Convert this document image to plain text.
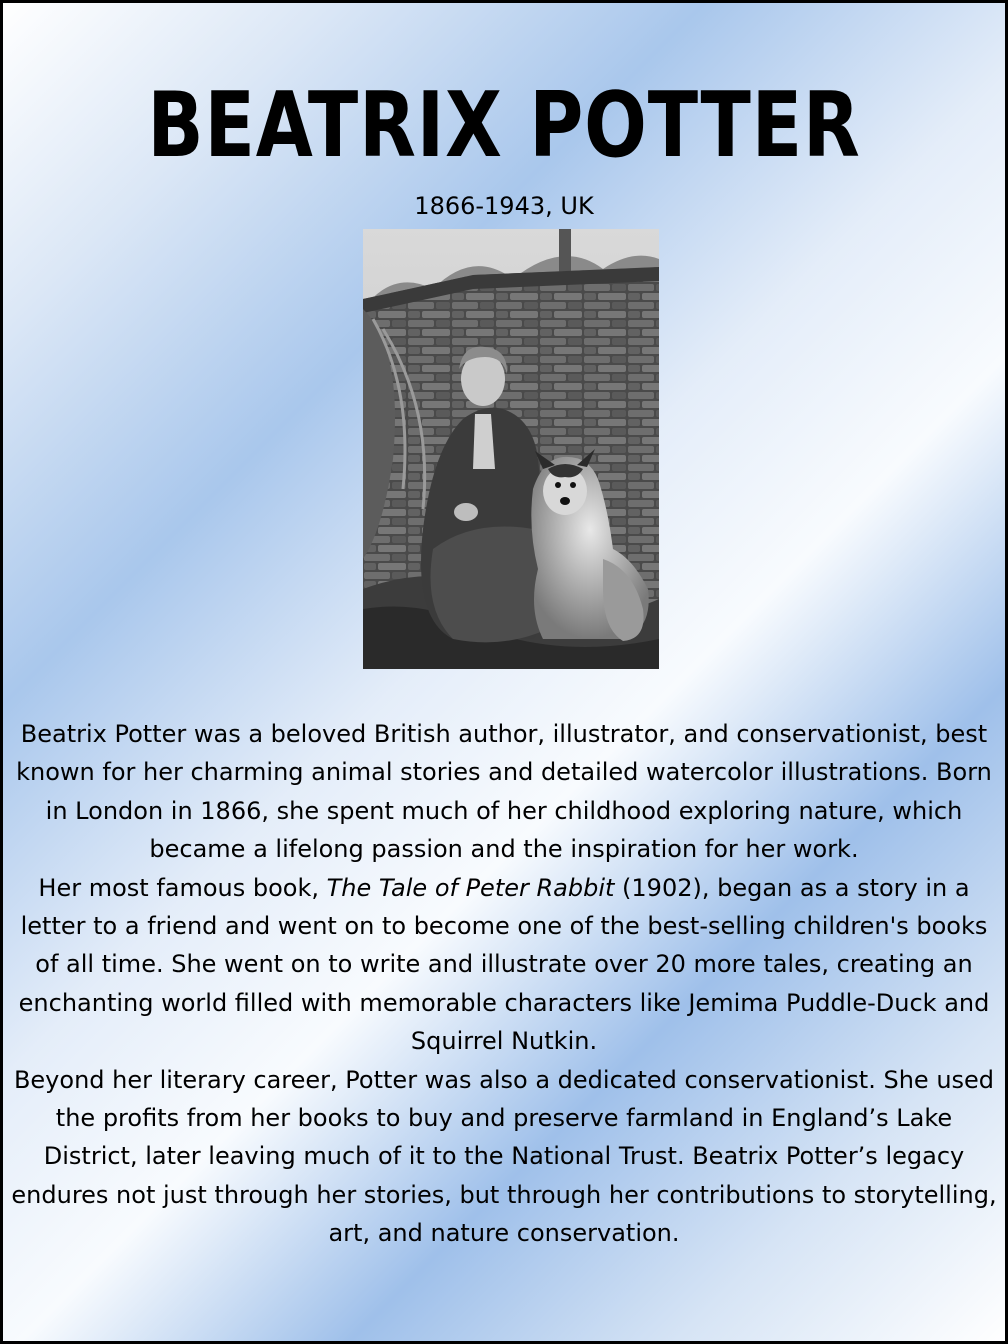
BEATRIX POTTER
1866-1943, UK

Beatrix Potter was a beloved British author, illustrator, and conservationist, best known for her charming animal stories and detailed watercolor illustrations. Born in London in 1866, she spent much of her childhood exploring nature, which became a lifelong passion and the inspiration for her work.

Her most famous book, The Tale of Peter Rabbit (1902), began as a story in a letter to a friend and went on to become one of the best-selling children's books of all time. She went on to write and illustrate over 20 more tales, creating an enchanting world filled with memorable characters like Jemima Puddle-Duck and Squirrel Nutkin.

Beyond her literary career, Potter was also a dedicated conservationist. She used the profits from her books to buy and preserve farmland in England’s Lake District, later leaving much of it to the National Trust. Beatrix Potter’s legacy endures not just through her stories, but through her contributions to storytelling, art, and nature conservation.
